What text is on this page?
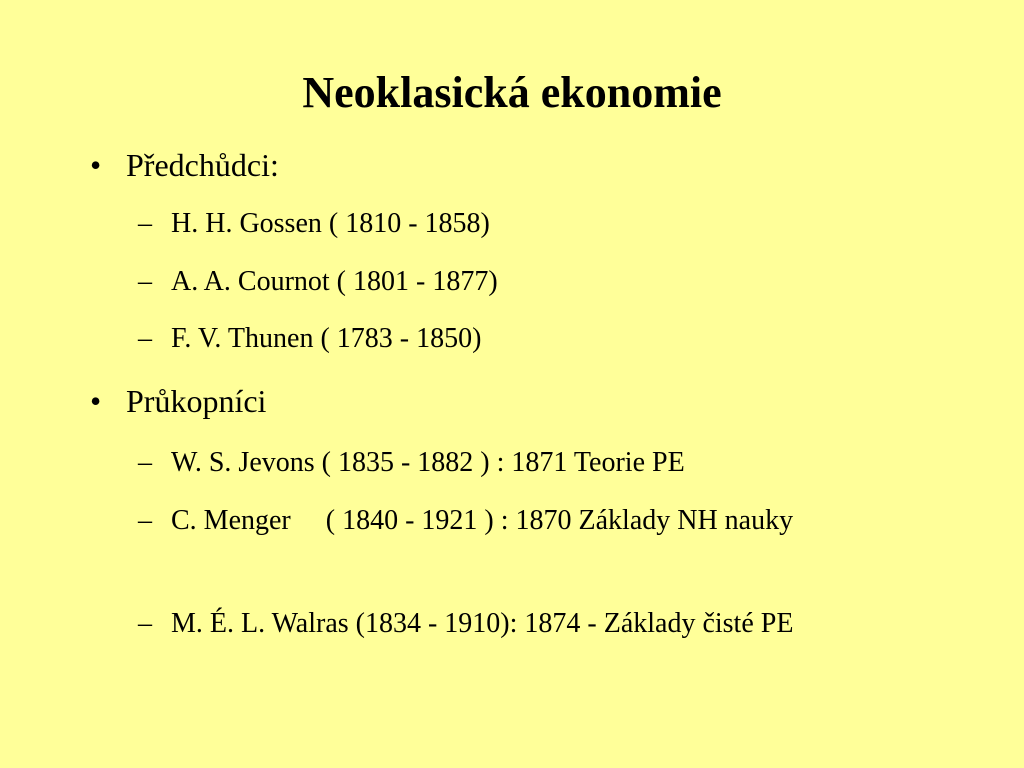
Neoklasická ekonomie
• Předchůdci:
– H. H. Gossen ( 1810 - 1858)
– A. A. Cournot ( 1801 - 1877)
– F. V. Thunen ( 1783 - 1850)
• Průkopníci
– W. S. Jevons ( 1835 - 1882 ) : 1871 Teorie PE
– C. Menger     ( 1840 - 1921 ) : 1870 Základy NH nauky
– M. É. L. Walras (1834 - 1910): 1874 - Základy čisté PE
